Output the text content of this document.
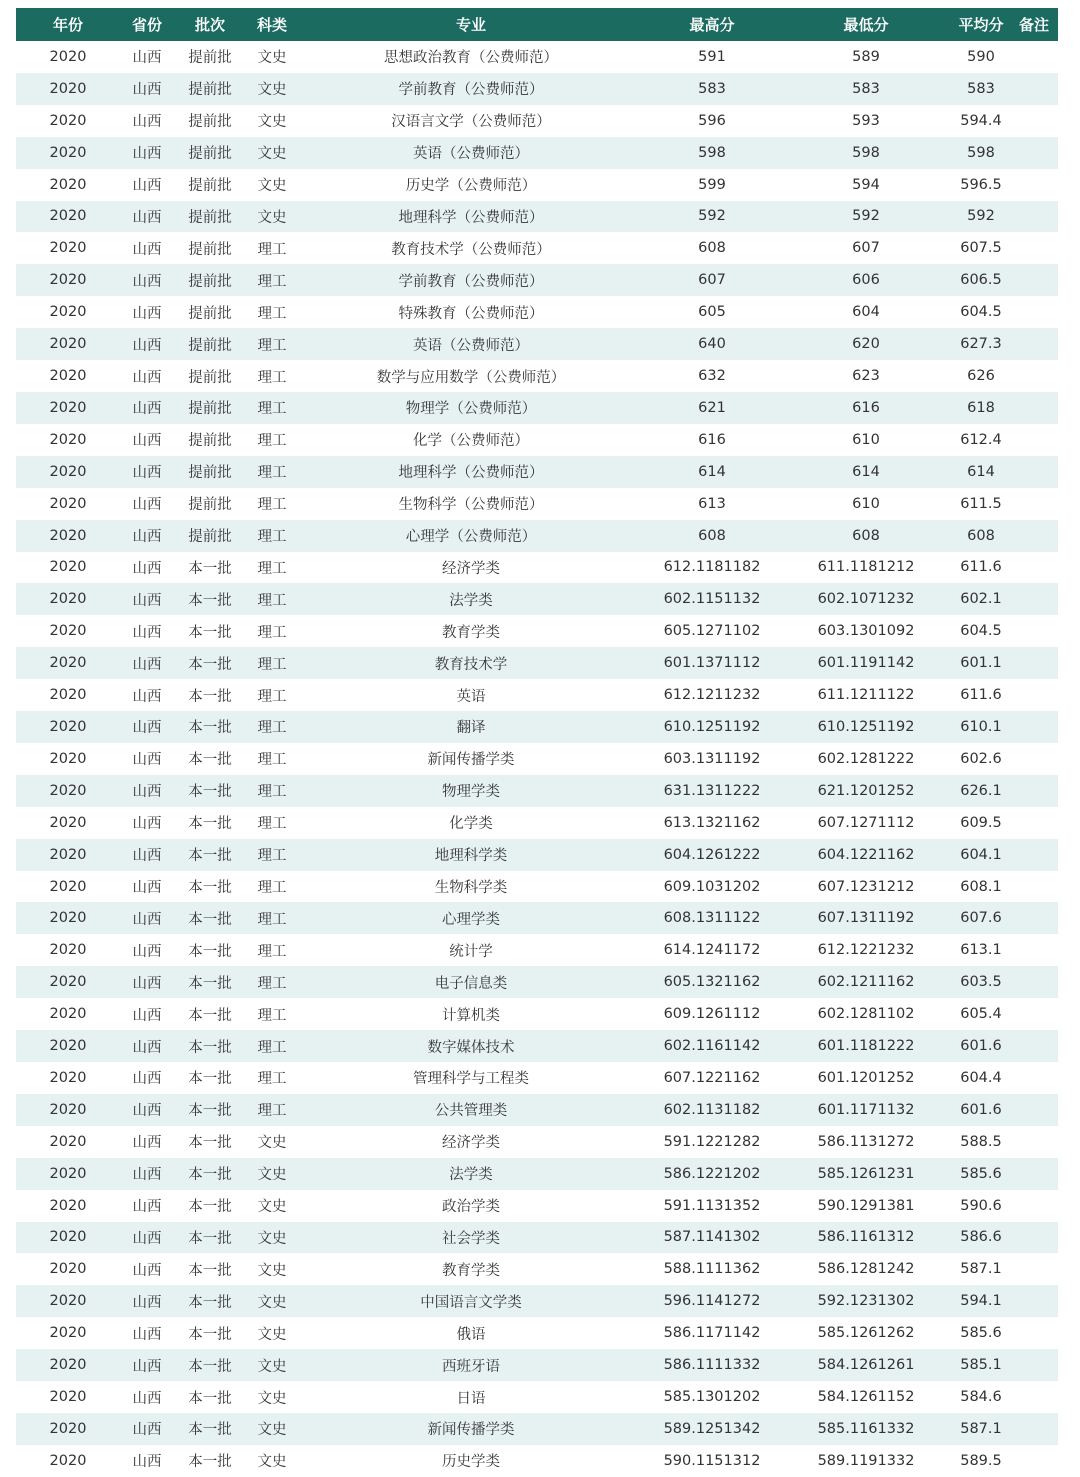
年份	省份	批次	科类	专业	最高分	最低分	平均分	备注
2020	山西	提前批	文史	思想政治教育（公费师范）	591	589	590	
2020	山西	提前批	文史	学前教育（公费师范）	583	583	583	
2020	山西	提前批	文史	汉语言文学（公费师范）	596	593	594.4	
2020	山西	提前批	文史	英语（公费师范）	598	598	598	
2020	山西	提前批	文史	历史学（公费师范）	599	594	596.5	
2020	山西	提前批	文史	地理科学（公费师范）	592	592	592	
2020	山西	提前批	理工	教育技术学（公费师范）	608	607	607.5	
2020	山西	提前批	理工	学前教育（公费师范）	607	606	606.5	
2020	山西	提前批	理工	特殊教育（公费师范）	605	604	604.5	
2020	山西	提前批	理工	英语（公费师范）	640	620	627.3	
2020	山西	提前批	理工	数学与应用数学（公费师范）	632	623	626	
2020	山西	提前批	理工	物理学（公费师范）	621	616	618	
2020	山西	提前批	理工	化学（公费师范）	616	610	612.4	
2020	山西	提前批	理工	地理科学（公费师范）	614	614	614	
2020	山西	提前批	理工	生物科学（公费师范）	613	610	611.5	
2020	山西	提前批	理工	心理学（公费师范）	608	608	608	
2020	山西	本一批	理工	经济学类	612.1181182	611.1181212	611.6	
2020	山西	本一批	理工	法学类	602.1151132	602.1071232	602.1	
2020	山西	本一批	理工	教育学类	605.1271102	603.1301092	604.5	
2020	山西	本一批	理工	教育技术学	601.1371112	601.1191142	601.1	
2020	山西	本一批	理工	英语	612.1211232	611.1211122	611.6	
2020	山西	本一批	理工	翻译	610.1251192	610.1251192	610.1	
2020	山西	本一批	理工	新闻传播学类	603.1311192	602.1281222	602.6	
2020	山西	本一批	理工	物理学类	631.1311222	621.1201252	626.1	
2020	山西	本一批	理工	化学类	613.1321162	607.1271112	609.5	
2020	山西	本一批	理工	地理科学类	604.1261222	604.1221162	604.1	
2020	山西	本一批	理工	生物科学类	609.1031202	607.1231212	608.1	
2020	山西	本一批	理工	心理学类	608.1311122	607.1311192	607.6	
2020	山西	本一批	理工	统计学	614.1241172	612.1221232	613.1	
2020	山西	本一批	理工	电子信息类	605.1321162	602.1211162	603.5	
2020	山西	本一批	理工	计算机类	609.1261112	602.1281102	605.4	
2020	山西	本一批	理工	数字媒体技术	602.1161142	601.1181222	601.6	
2020	山西	本一批	理工	管理科学与工程类	607.1221162	601.1201252	604.4	
2020	山西	本一批	理工	公共管理类	602.1131182	601.1171132	601.6	
2020	山西	本一批	文史	经济学类	591.1221282	586.1131272	588.5	
2020	山西	本一批	文史	法学类	586.1221202	585.1261231	585.6	
2020	山西	本一批	文史	政治学类	591.1131352	590.1291381	590.6	
2020	山西	本一批	文史	社会学类	587.1141302	586.1161312	586.6	
2020	山西	本一批	文史	教育学类	588.1111362	586.1281242	587.1	
2020	山西	本一批	文史	中国语言文学类	596.1141272	592.1231302	594.1	
2020	山西	本一批	文史	俄语	586.1171142	585.1261262	585.6	
2020	山西	本一批	文史	西班牙语	586.1111332	584.1261261	585.1	
2020	山西	本一批	文史	日语	585.1301202	584.1261152	584.6	
2020	山西	本一批	文史	新闻传播学类	589.1251342	585.1161332	587.1	
2020	山西	本一批	文史	历史学类	590.1151312	589.1191332	589.5	
